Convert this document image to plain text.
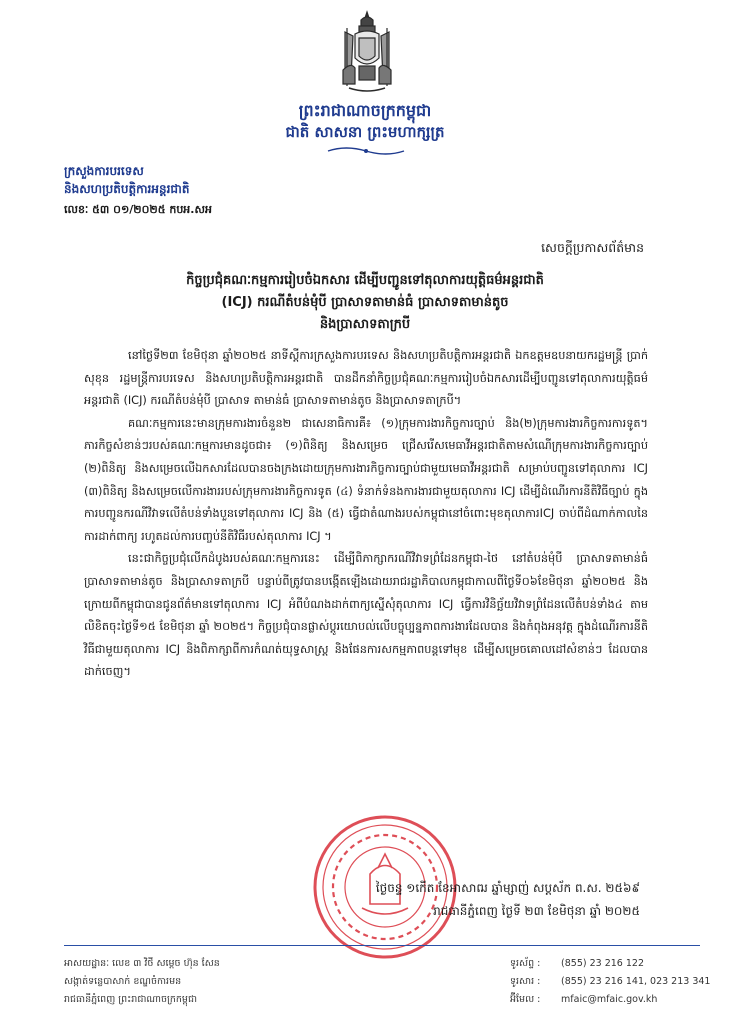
ព្រះរាជាណាចក្រកម្ពុជា
ជាតិ សាសនា ព្រះមហាក្សត្រ
ក្រសួងការបរទេស
និងសហប្រតិបត្តិការអន្តរជាតិ
លេខៈ ៥៣ ០១/២០២៥ កបអ.សអ
សេចក្តីប្រកាសព័ត៌មាន
កិច្ចប្រជុំគណៈកម្មការរៀបចំឯកសារ ដើម្បីបញ្ជូនទៅតុលាការយុត្តិធម៌អន្តរជាតិ
(ICJ) ករណីតំបន់មុំបី ប្រាសាទតាមាន់ធំ ប្រាសាទតាមាន់តូច
និងប្រាសាទតាក្របី

នៅថ្ងៃទី២៣ ខែមិថុនា ឆ្នាំ២០២៥ នាទីស្តីការក្រសួងការបរទេស និងសហប្រតិបត្តិការអន្តរជាតិ ឯកឧត្តមឧបនាយករដ្ឋមន្ត្រី ប្រាក់ សុខុន រដ្ឋមន្ត្រីការបរទេស និងសហប្រតិបត្តិការអន្តរជាតិ បានដឹកនាំកិច្ចប្រជុំគណៈកម្មការរៀបចំឯកសារដើម្បីបញ្ជូនទៅតុលាការយុត្តិធម៌អន្តរជាតិ (ICJ) ករណីតំបន់មុំបី ប្រាសាទ តាមាន់ធំ ប្រាសាទតាមាន់តូច និងប្រាសាទតាក្របី។

គណៈកម្មការនេះមានក្រុមការងារចំនួន២ ជាសេនាធិការគឺ៖ (១)ក្រុមការងារកិច្ចការច្បាប់ និង(២)ក្រុមការងារកិច្ចការការទូត។ ភារកិច្ចសំខាន់ៗរបស់គណៈកម្មការមានដូចជា៖ (១)ពិនិត្យ និងសម្រេច ជ្រើសរើសមេធាវីអន្តរជាតិតាមសំណើក្រុមការងារកិច្ចការច្បាប់ (២)ពិនិត្យ និងសម្រេចលើឯកសារដែលបានចងក្រងដោយក្រុមការងារកិច្ចការច្បាប់ជាមួយមេធាវីអន្តរជាតិ សម្រាប់បញ្ជូនទៅតុលាការ ICJ (៣)ពិនិត្យ និងសម្រេចលើការងាររបស់ក្រុមការងារកិច្ចការទូត (៤) ទំនាក់ទំនងការងារជាមួយតុលាការ ICJ ដើម្បីដំណើរការនីតិវិធីច្បាប់ ក្នុងការបញ្ជូនករណីវិវាទលើតំបន់ទាំងបួនទៅតុលាការ ICJ និង (៥) ធ្វើជាតំណាងរបស់កម្ពុជានៅចំពោះមុខតុលាការICJ ចាប់ពីដំណាក់កាលនៃការដាក់ពាក្យ រហូតដល់ការបញ្ចប់នីតិវិធីរបស់តុលាការ ICJ ។

នេះជាកិច្ចប្រជុំលើកដំបូងរបស់គណៈកម្មការនេះ ដើម្បីពិភាក្សាករណីវិវាទព្រំដែនកម្ពុជា-ថៃ នៅតំបន់មុំបី ប្រាសាទតាមាន់ធំ ប្រាសាទតាមាន់តូច និងប្រាសាទតាក្របី បន្ទាប់ពីត្រូវបានបង្កើតឡើងដោយរាជរដ្ឋាភិបាលកម្ពុជាកាលពីថ្ងៃទី០៦ខែមិថុនា ឆ្នាំ២០២៥ និងក្រោយពីកម្ពុជាបានជូនព័ត៌មានទៅតុលាការ ICJ អំពីបំណងដាក់ពាក្យស្នើសុំតុលាការ ICJ ធ្វើការវិនិច្ឆ័យវិវាទព្រំដែនលើតំបន់ទាំង៤ តាមលិខិតចុះថ្ងៃទី១៥ ខែមិថុនា ឆ្នាំ ២០២៥។ កិច្ចប្រជុំបានផ្លាស់ប្តូរយោបល់លើបច្ចុប្បន្នភាពការងារដែលបាន និងកំពុងអនុវត្ត ក្នុងដំណើរការនីតិវិធីជាមួយតុលាការ ICJ និងពិភាក្សាពីការកំណត់យុទ្ធសាស្ត្រ និងផែនការសកម្មភាពបន្តទៅមុខ ដើម្បីសម្រេចគោលដៅសំខាន់ៗ ដែលបានដាក់ចេញ។

ថ្ងៃចន្ទ ១កើត ខែអាសាឍ ឆ្នាំម្សាញ់ សប្តស័ក ព.ស. ២៥៦៩
រាជធានីភ្នំពេញ ថ្ងៃទី ២៣ ខែមិថុនា ឆ្នាំ ២០២៥
អាសយដ្ឋានៈ លេខ ៣ វិថី សម្តេច ហ៊ុន សែន
សង្កាត់ទន្លេបាសាក់ ខណ្ឌចំការមន
រាជធានីភ្នំពេញ ព្រះរាជាណាចក្រកម្ពុជា
ទូរស័ព្ទ : (855) 23 216 122
ទូរសារ : (855) 23 216 141, 023 213 341
អ៊ីមែល : mfaic@mfaic.gov.kh
